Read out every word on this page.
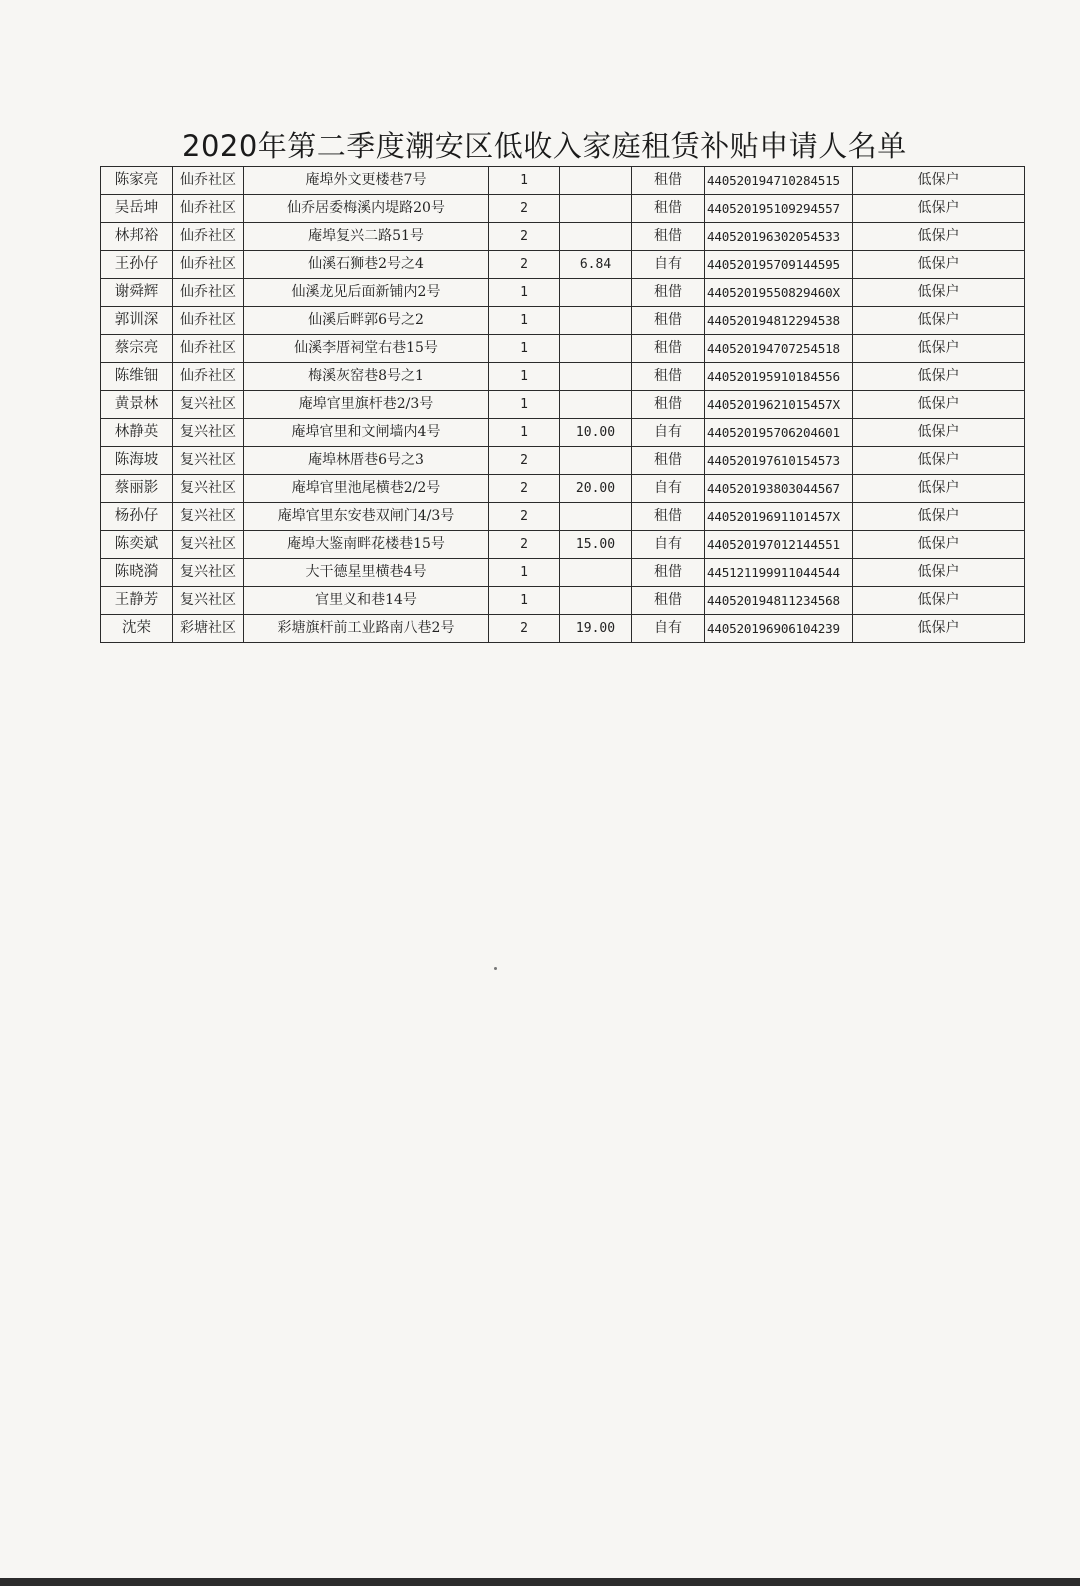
2020年第二季度潮安区低收入家庭租赁补贴申请人名单
陈家亮	仙乔社区	庵埠外文更楼巷7号	1		租借	440520194710284515	低保户
吴岳坤	仙乔社区	仙乔居委梅溪内堤路20号	2		租借	440520195109294557	低保户
林邦裕	仙乔社区	庵埠复兴二路51号	2		租借	440520196302054533	低保户
王孙仔	仙乔社区	仙溪石狮巷2号之4	2	6.84	自有	440520195709144595	低保户
谢舜辉	仙乔社区	仙溪龙见后面新铺内2号	1		租借	44052019550829460X	低保户
郭训深	仙乔社区	仙溪后畔郭6号之2	1		租借	440520194812294538	低保户
蔡宗亮	仙乔社区	仙溪李厝祠堂右巷15号	1		租借	440520194707254518	低保户
陈维钿	仙乔社区	梅溪灰窑巷8号之1	1		租借	440520195910184556	低保户
黄景林	复兴社区	庵埠官里旗杆巷2/3号	1		租借	44052019621015457X	低保户
林静英	复兴社区	庵埠官里和文闸墙内4号	1	10.00	自有	440520195706204601	低保户
陈海坡	复兴社区	庵埠林厝巷6号之3	2		租借	440520197610154573	低保户
蔡丽影	复兴社区	庵埠官里池尾横巷2/2号	2	20.00	自有	440520193803044567	低保户
杨孙仔	复兴社区	庵埠官里东安巷双闸门4/3号	2		租借	44052019691101457X	低保户
陈奕斌	复兴社区	庵埠大鉴南畔花楼巷15号	2	15.00	自有	440520197012144551	低保户
陈晓漪	复兴社区	大干德星里横巷4号	1		租借	445121199911044544	低保户
王静芳	复兴社区	官里义和巷14号	1		租借	440520194811234568	低保户
沈荣	彩塘社区	彩塘旗杆前工业路南八巷2号	2	19.00	自有	440520196906104239	低保户
